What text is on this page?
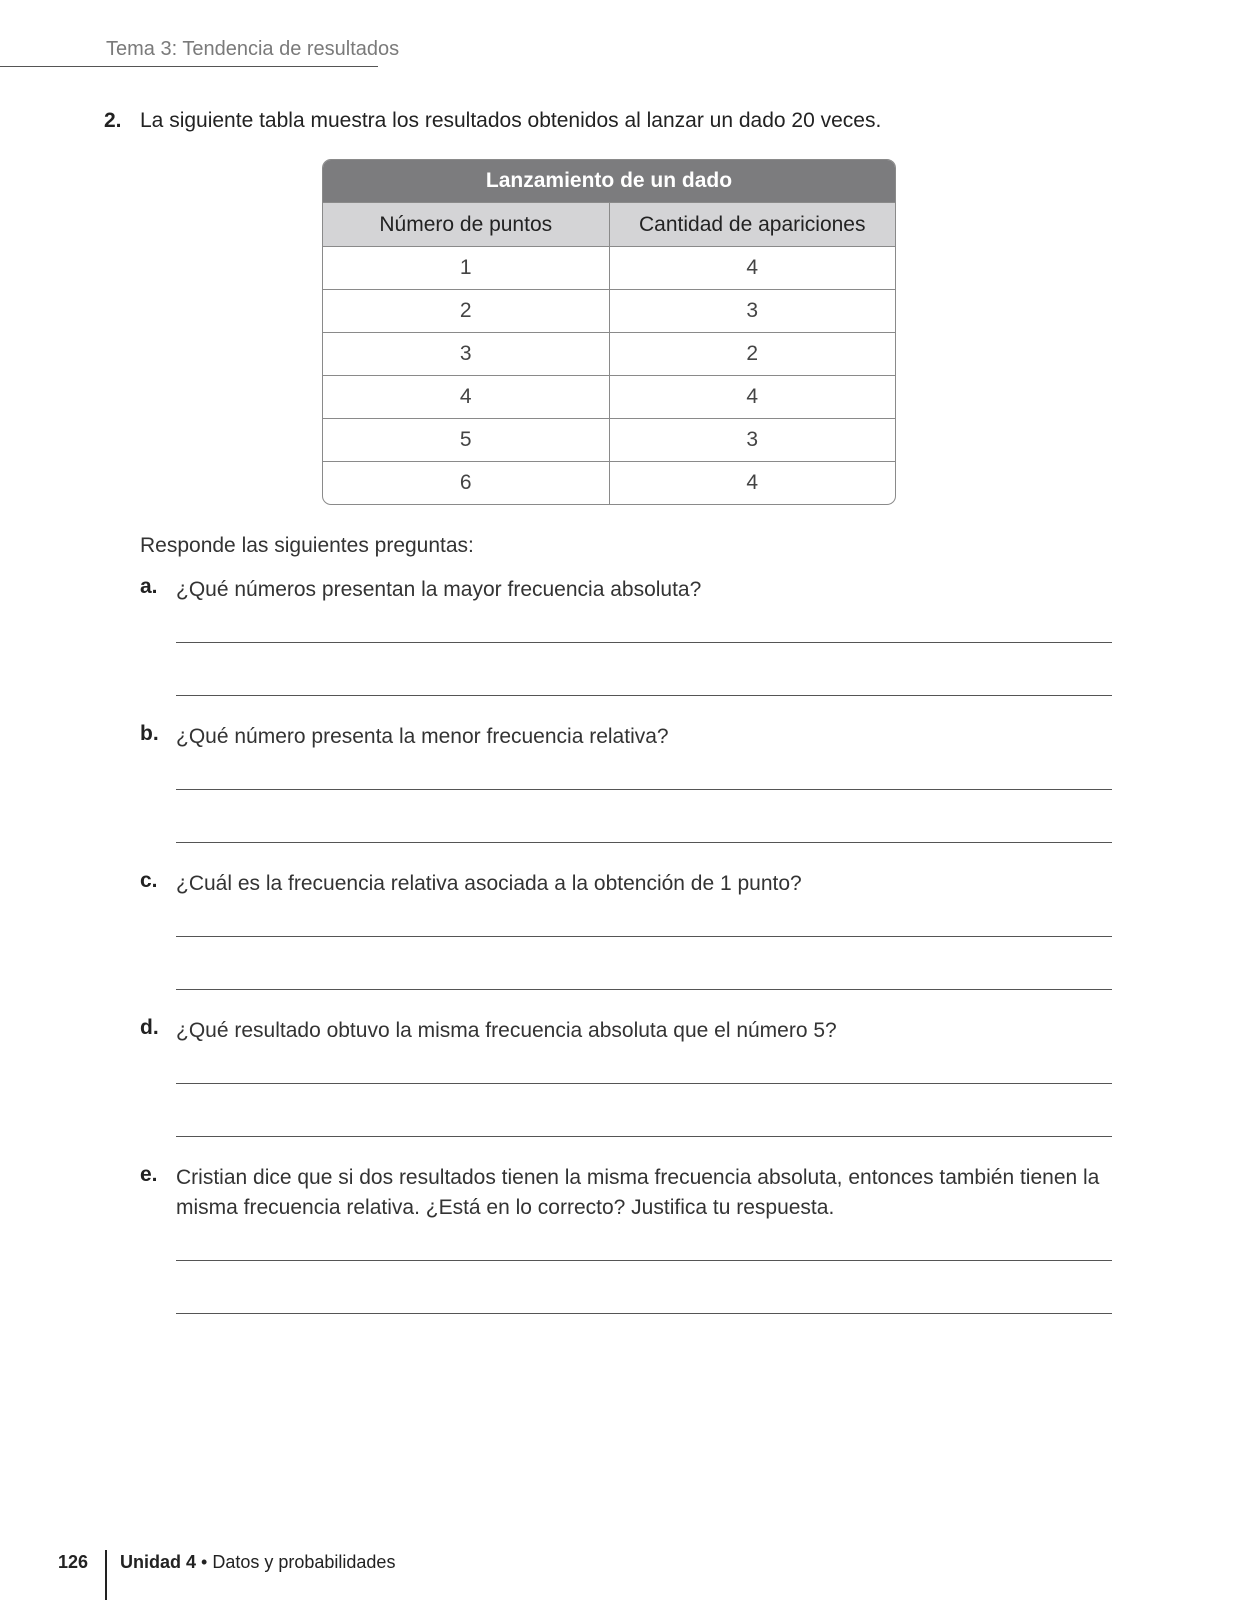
Tema 3: Tendencia de resultados
2. La siguiente tabla muestra los resultados obtenidos al lanzar un dado 20 veces.
Lanzamiento de un dado	
Número de puntos	Cantidad de apariciones
1	4
2	3
3	2
4	4
5	3
6	4
Responde las siguientes preguntas:
a. ¿Qué números presentan la mayor frecuencia absoluta?
b. ¿Qué número presenta la menor frecuencia relativa?
c. ¿Cuál es la frecuencia relativa asociada a la obtención de 1 punto?
d. ¿Qué resultado obtuvo la misma frecuencia absoluta que el número 5?
e. Cristian dice que si dos resultados tienen la misma frecuencia absoluta, entonces también tienen la misma frecuencia relativa. ¿Está en lo correcto? Justifica tu respuesta.
126 Unidad 4 • Datos y probabilidades
